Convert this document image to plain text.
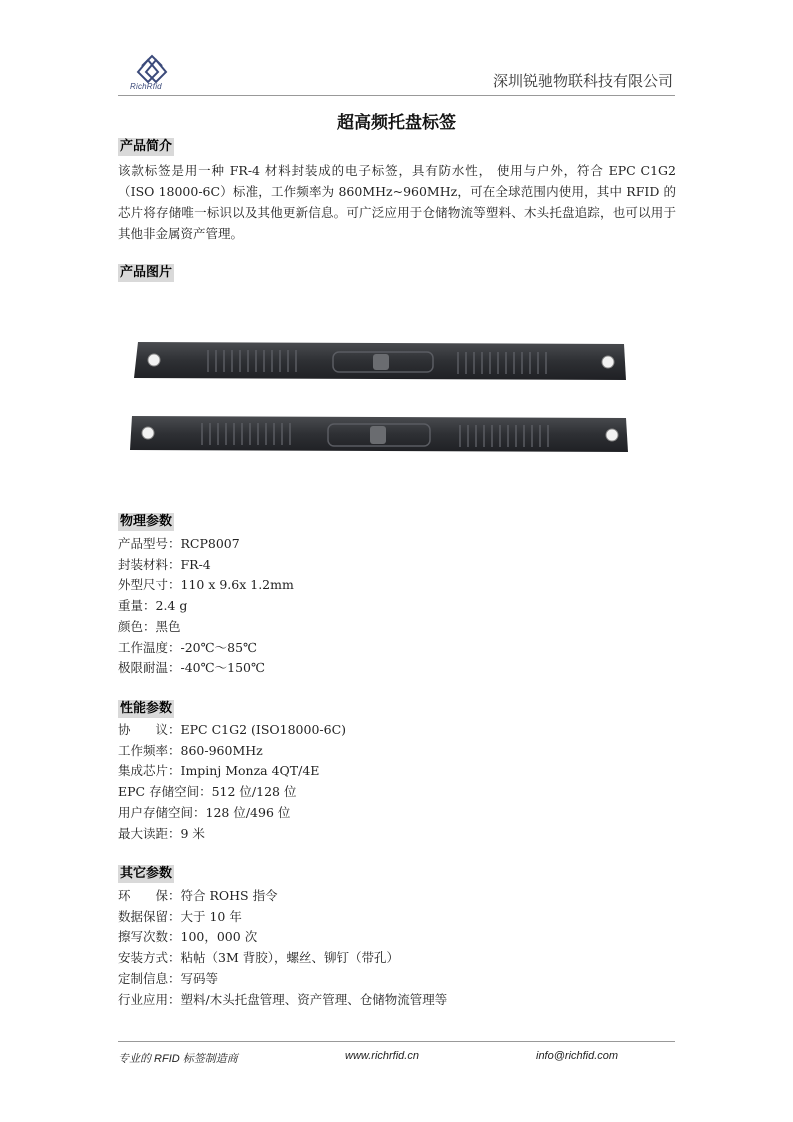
RichRfid	深圳锐驰物联科技有限公司
超高频托盘标签
产品简介
该款标签是用一种 FR-4 材料封装成的电子标签，具有防水性， 使用与户外，符合 EPC C1G2（ISO 18000-6C）标准，工作频率为 860MHz~960MHz，可在全球范围内使用，其中 RFID 的芯片将存储唯一标识以及其他更新信息。可广泛应用于仓储物流等塑料、木头托盘追踪，也可以用于其他非金属资产管理。
产品图片
物理参数
产品型号：RCP8007
封装材料：FR-4
外型尺寸：110 x 9.6x 1.2mm
重量：2.4 g
颜色：黑色
工作温度：-20℃～85℃
极限耐温：-40℃～150℃
性能参数
协　　议：EPC C1G2 (ISO18000-6C)
工作频率：860-960MHz
集成芯片：Impinj Monza 4QT/4E
EPC 存储空间：512 位/128 位
用户存储空间：128 位/496 位
最大读距：9 米
其它参数
环　　保：符合 ROHS 指令
数据保留：大于 10 年
擦写次数：100，000 次
安装方式：粘帖（3M 背胶），螺丝、铆钉（带孔）
定制信息：写码等
行业应用：塑料/木头托盘管理、资产管理、仓储物流管理等
专业的 RFID 标签制造商	www.richrfid.cn	info@richfid.com
